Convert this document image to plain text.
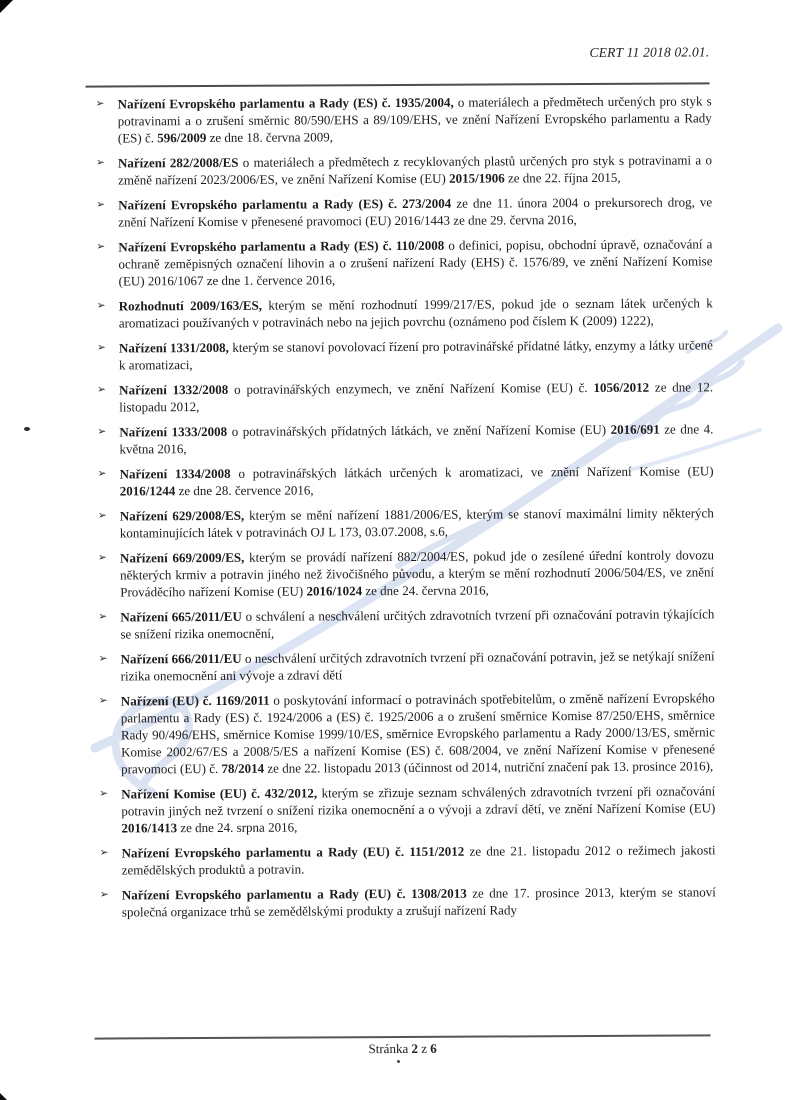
CERT 11 2018 02.01.
➢	Nařízení Evropského parlamentu a Rady (ES) č. 1935/2004, o materiálech a předmětech určených pro styk s potravinami a o zrušení směrnic 80/590/EHS a 89/109/EHS, ve znění Nařízení Evropského parlamentu a Rady (ES) č. 596/2009 ze dne 18. června 2009,

➢	Nařízení 282/2008/ES o materiálech a předmětech z recyklovaných plastů určených pro styk s potravinami a o změně nařízení 2023/2006/ES, ve znění Nařízení Komise (EU) 2015/1906 ze dne 22. října 2015,

➢	Nařízení Evropského parlamentu a Rady (ES) č. 273/2004 ze dne 11. února 2004 o prekursorech drog, ve znění Nařízení Komise v přenesené pravomoci (EU) 2016/1443 ze dne 29. června 2016,

➢	Nařízení Evropského parlamentu a Rady (ES) č. 110/2008 o definici, popisu, obchodní úpravě, označování a ochraně zeměpisných označení lihovin a o zrušení nařízení Rady (EHS) č. 1576/89, ve znění Nařízení Komise (EU) 2016/1067 ze dne 1. července 2016,

➢	Rozhodnutí 2009/163/ES, kterým se mění rozhodnutí 1999/217/ES, pokud jde o seznam látek určených k aromatizaci používaných v potravinách nebo na jejich povrchu (oznámeno pod číslem K (2009) 1222),

➢	Nařízení 1331/2008, kterým se stanoví povolovací řízení pro potravinářské přídatné látky, enzymy a látky určené k aromatizaci,

➢	Nařízení 1332/2008 o potravinářských enzymech, ve znění Nařízení Komise (EU) č. 1056/2012 ze dne 12. listopadu 2012,

➢	Nařízení 1333/2008 o potravinářských přídatných látkách, ve znění Nařízení Komise (EU) 2016/691 ze dne 4. května 2016,

➢	Nařízení 1334/2008 o potravinářských látkách určených k aromatizaci, ve znění Nařízení Komise (EU) 2016/1244 ze dne 28. července 2016,

➢	Nařízení 629/2008/ES, kterým se mění nařízení 1881/2006/ES, kterým se stanoví maximální limity některých kontaminujících látek v potravinách OJ L 173, 03.07.2008, s.6,

➢	Nařízení 669/2009/ES, kterým se provádí nařízení 882/2004/ES, pokud jde o zesílené úřední kontroly dovozu některých krmiv a potravin jiného než živočišného původu, a kterým se mění rozhodnutí 2006/504/ES, ve znění Prováděcího nařízení Komise (EU) 2016/1024 ze dne 24. června 2016,

➢	Nařízení 665/2011/EU o schválení a neschválení určitých zdravotních tvrzení při označování potravin týkajících se snížení rizika onemocnění,

➢	Nařízení 666/2011/EU o neschválení určitých zdravotních tvrzení při označování potravin, jež se netýkají snížení rizika onemocnění ani vývoje a zdraví dětí

➢	Nařízení (EU) č. 1169/2011 o poskytování informací o potravinách spotřebitelům, o změně nařízení Evropského parlamentu a Rady (ES) č. 1924/2006 a (ES) č. 1925/2006 a o zrušení směrnice Komise 87/250/EHS, směrnice Rady 90/496/EHS, směrnice Komise 1999/10/ES, směrnice Evropského parlamentu a Rady 2000/13/ES, směrnic Komise 2002/67/ES a 2008/5/ES a nařízení Komise (ES) č. 608/2004, ve znění Nařízení Komise v přenesené pravomoci (EU) č. 78/2014 ze dne 22. listopadu 2013 (účinnost od 2014, nutriční značení pak 13. prosince 2016),

➢	Nařízení Komise (EU) č. 432/2012, kterým se zřizuje seznam schválených zdravotních tvrzení při označování potravin jiných než tvrzení o snížení rizika onemocnění a o vývoji a zdraví dětí, ve znění Nařízení Komise (EU) 2016/1413 ze dne 24. srpna 2016,

➢	Nařízení Evropského parlamentu a Rady (EU) č. 1151/2012 ze dne 21. listopadu 2012 o režimech jakosti zemědělských produktů a potravin.

➢	Nařízení Evropského parlamentu a Rady (EU) č. 1308/2013 ze dne 17. prosince 2013, kterým se stanoví společná organizace trhů se zemědělskými produkty a zrušují nařízení Rady

Stránka 2 z 6
